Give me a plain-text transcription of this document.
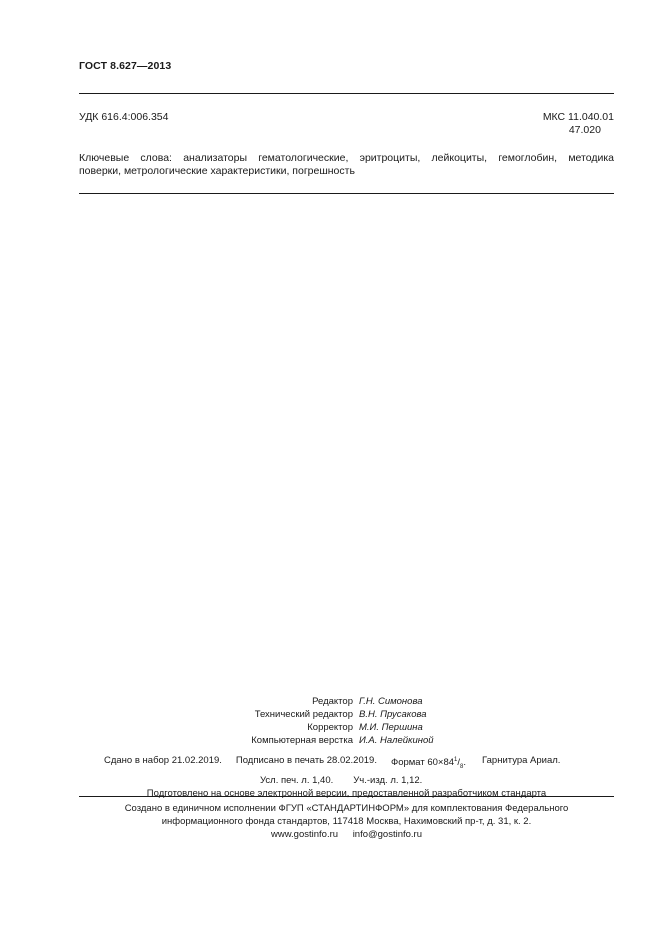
ГОСТ 8.627—2013
УДК 616.4:006.354	МКС 11.040.01
47.020

Ключевые слова: анализаторы гематологические, эритроциты, лейкоциты, гемоглобин, методика

поверки, метрологические характеристики, погрешность

Редактор Г.Н. Симонова
Технический редактор В.Н. Прусакова
Корректор М.И. Першина
Компьютерная верстка И.А. Налейкиной
Сдано в набор 21.02.2019. Подписано в печать 28.02.2019. Формат $60\times 84^1/_8$. Гарнитура Ариал.
Усл. печ. л. 1,40. Уч.-изд. л. 1,12.
Подготовлено на основе электронной версии, предоставленной разработчиком стандарта
Создано в единичном исполнении ФГУП «СТАНДАРТИНФОРМ» для комплектования Федерального
информационного фонда стандартов, 117418 Москва, Нахимовский пр-т, д. 31, к. 2.
www.gostinfo.ru info@gostinfo.ru
